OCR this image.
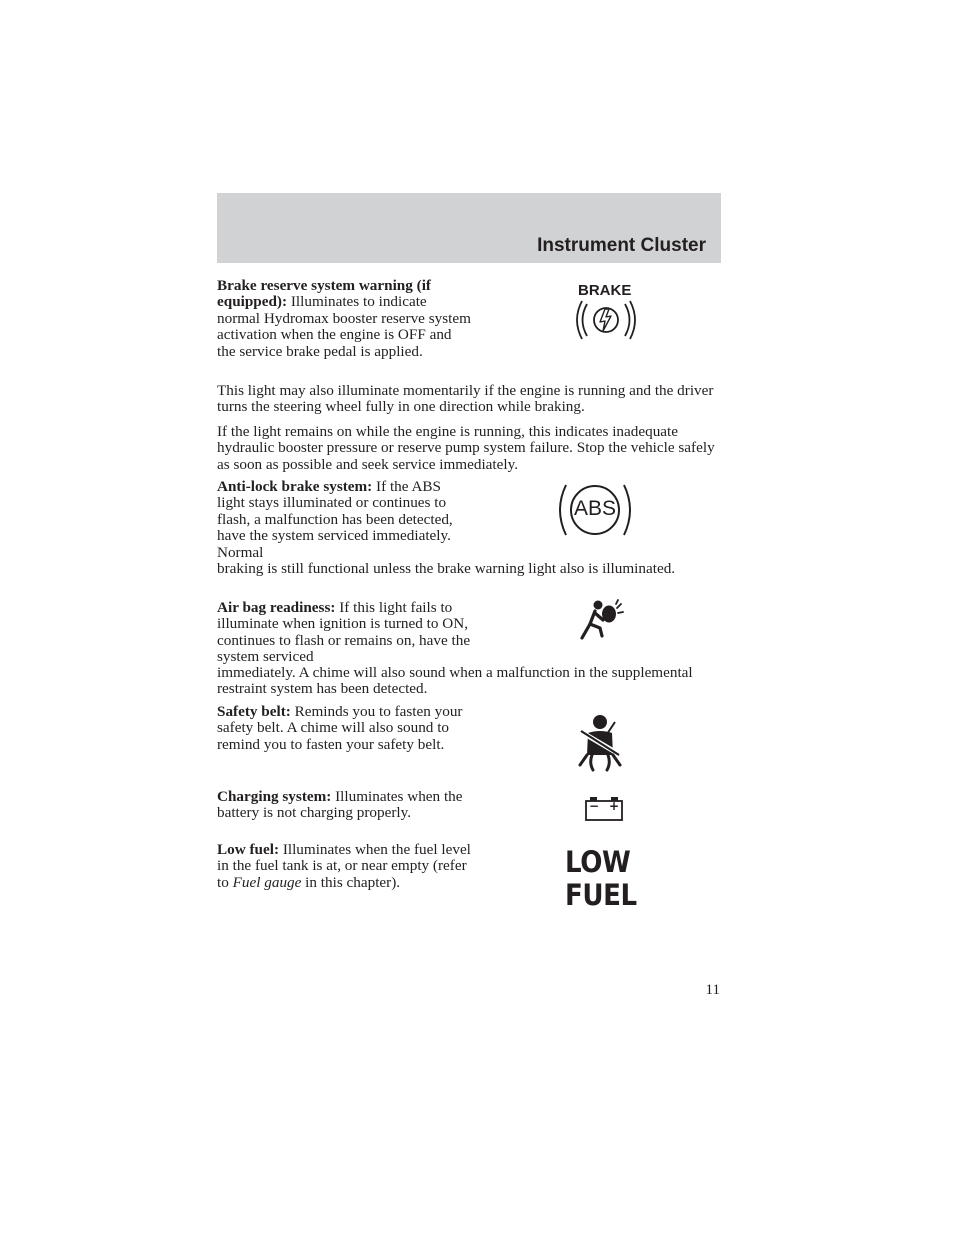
Instrument Cluster

Brake reserve system warning (if equipped): Illuminates to indicate normal Hydromax booster reserve system activation when the engine is OFF and the service brake pedal is applied.

BRAKE

This light may also illuminate momentarily if the engine is running and the driver turns the steering wheel fully in one direction while braking.

If the light remains on while the engine is running, this indicates inadequate hydraulic booster pressure or reserve pump system failure. Stop the vehicle safely as soon as possible and seek service immediately.

Anti-lock brake system: If the ABS light stays illuminated or continues to flash, a malfunction has been detected, have the system serviced immediately. Normal

braking is still functional unless the brake warning light also is illuminated.

ABS

Air bag readiness: If this light fails to illuminate when ignition is turned to ON, continues to flash or remains on, have the system serviced

immediately. A chime will also sound when a malfunction in the supplemental restraint system has been detected.

Safety belt: Reminds you to fasten your safety belt. A chime will also sound to remind you to fasten your safety belt.

Charging system: Illuminates when the battery is not charging properly.	− +

Low fuel: Illuminates when the fuel level in the fuel tank is at, or near empty (refer to Fuel gauge in this chapter).

LOW
FUEL
11
